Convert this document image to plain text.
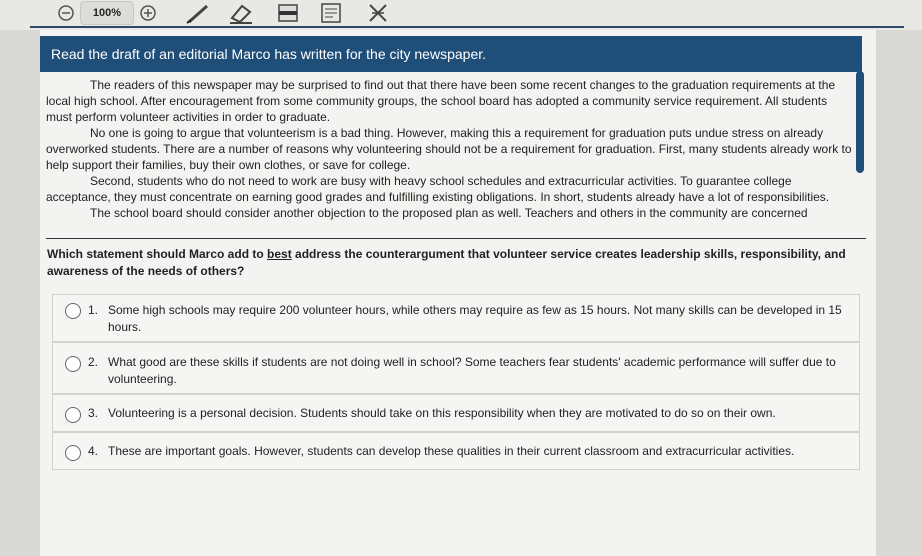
100%
Read the draft of an editorial Marco has written for the city newspaper.

The readers of this newspaper may be surprised to find out that there have been some recent changes to the graduation requirements at the local high school. After encouragement from some community groups, the school board has adopted a community service requirement. All students must perform volunteer activities in order to graduate.

No one is going to argue that volunteerism is a bad thing. However, making this a requirement for graduation puts undue stress on already overworked students. There are a number of reasons why volunteering should not be a requirement for graduation. First, many students already work to help support their families, buy their own clothes, or save for college.

Second, students who do not need to work are busy with heavy school schedules and extracurricular activities. To guarantee college acceptance, they must concentrate on earning good grades and fulfilling existing obligations. In short, students already have a lot of responsibilities.

The school board should consider another objection to the proposed plan as well. Teachers and others in the community are concerned

Which statement should Marco add to best address the counterargument that volunteer service creates leadership skills, responsibility, and awareness of the needs of others?
1. Some high schools may require 200 volunteer hours, while others may require as few as 15 hours. Not many skills can be developed in 15 hours.
2. What good are these skills if students are not doing well in school? Some teachers fear students' academic performance will suffer due to volunteering.
3. Volunteering is a personal decision. Students should take on this responsibility when they are motivated to do so on their own.
4. These are important goals. However, students can develop these qualities in their current classroom and extracurricular activities.
